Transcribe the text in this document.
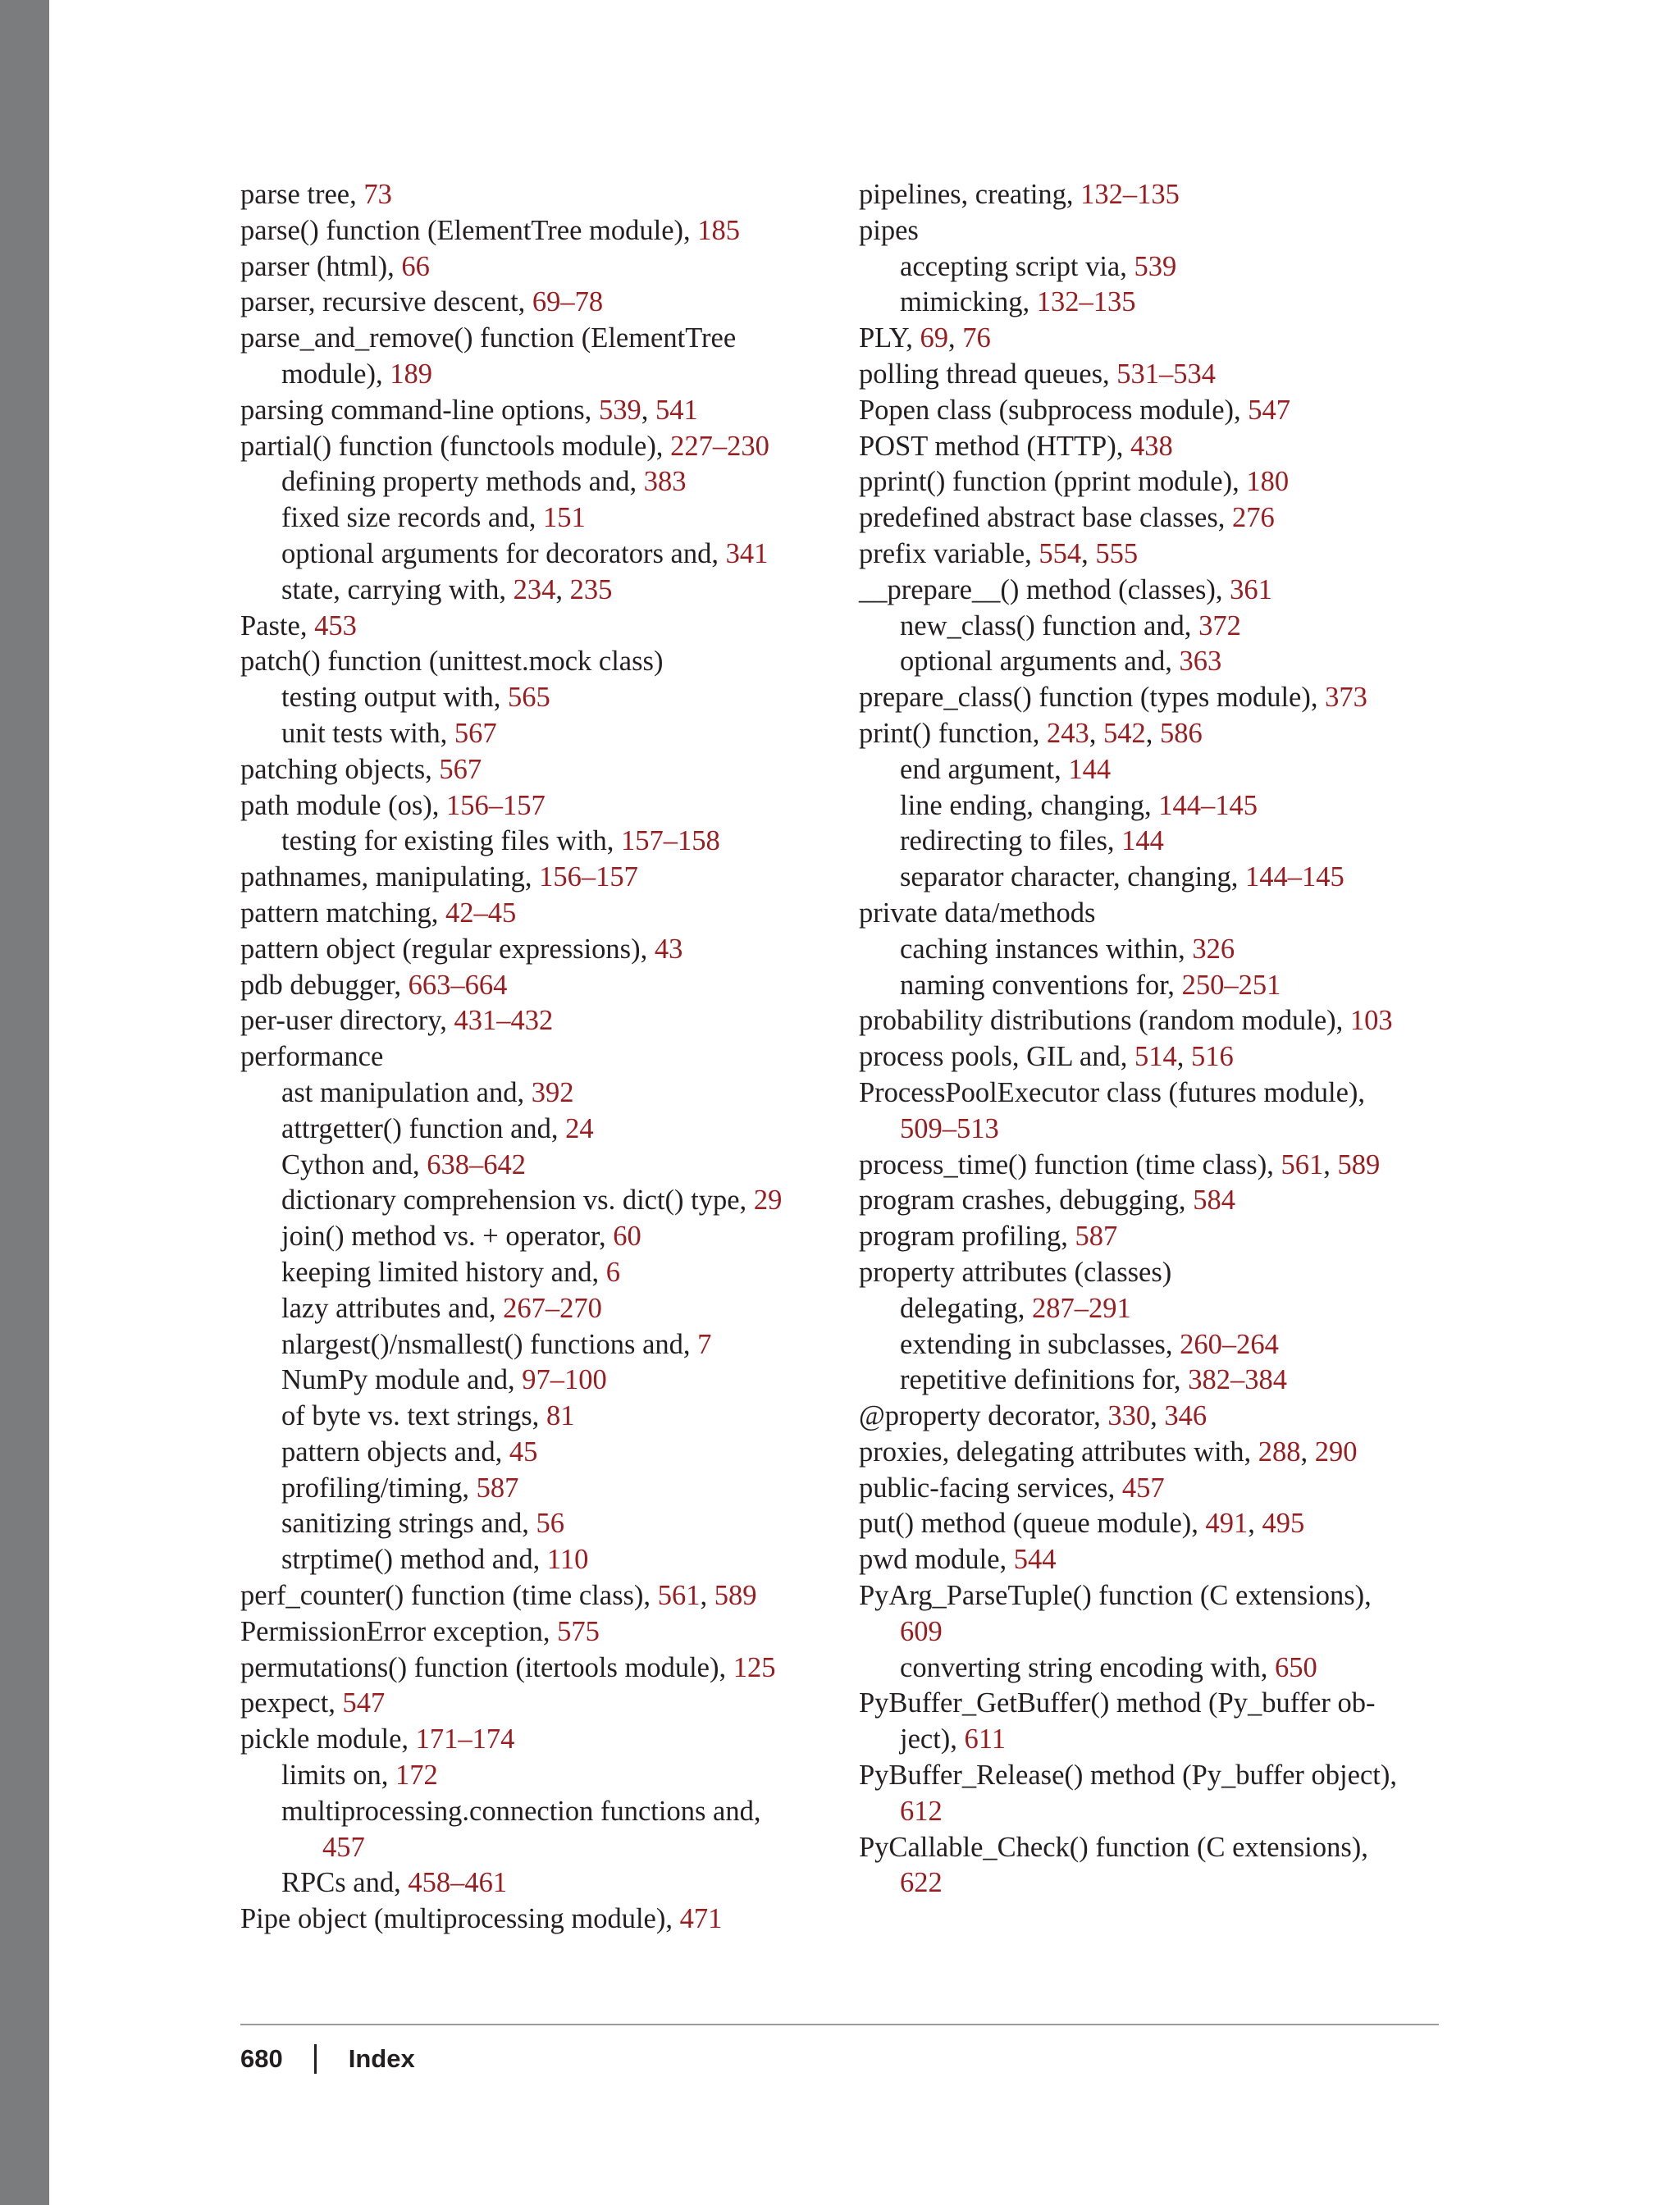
parse tree, 73
parse() function (ElementTree module), 185
parser (html), 66
parser, recursive descent, 69–78
parse_and_remove() function (ElementTree
module), 189
parsing command-line options, 539, 541
partial() function (functools module), 227–230
defining property methods and, 383
fixed size records and, 151
optional arguments for decorators and, 341
state, carrying with, 234, 235
Paste, 453
patch() function (unittest.mock class)
testing output with, 565
unit tests with, 567
patching objects, 567
path module (os), 156–157
testing for existing files with, 157–158
pathnames, manipulating, 156–157
pattern matching, 42–45
pattern object (regular expressions), 43
pdb debugger, 663–664
per-user directory, 431–432
performance
ast manipulation and, 392
attrgetter() function and, 24
Cython and, 638–642
dictionary comprehension vs. dict() type, 29
join() method vs. + operator, 60
keeping limited history and, 6
lazy attributes and, 267–270
nlargest()/nsmallest() functions and, 7
NumPy module and, 97–100
of byte vs. text strings, 81
pattern objects and, 45
profiling/timing, 587
sanitizing strings and, 56
strptime() method and, 110
perf_counter() function (time class), 561, 589
PermissionError exception, 575
permutations() function (itertools module), 125
pexpect, 547
pickle module, 171–174
limits on, 172
multiprocessing.connection functions and,
457
RPCs and, 458–461
Pipe object (multiprocessing module), 471
pipelines, creating, 132–135
pipes
accepting script via, 539
mimicking, 132–135
PLY, 69, 76
polling thread queues, 531–534
Popen class (subprocess module), 547
POST method (HTTP), 438
pprint() function (pprint module), 180
predefined abstract base classes, 276
prefix variable, 554, 555
__prepare__() method (classes), 361
new_class() function and, 372
optional arguments and, 363
prepare_class() function (types module), 373
print() function, 243, 542, 586
end argument, 144
line ending, changing, 144–145
redirecting to files, 144
separator character, changing, 144–145
private data/methods
caching instances within, 326
naming conventions for, 250–251
probability distributions (random module), 103
process pools, GIL and, 514, 516
ProcessPoolExecutor class (futures module),
509–513
process_time() function (time class), 561, 589
program crashes, debugging, 584
program profiling, 587
property attributes (classes)
delegating, 287–291
extending in subclasses, 260–264
repetitive definitions for, 382–384
@property decorator, 330, 346
proxies, delegating attributes with, 288, 290
public-facing services, 457
put() method (queue module), 491, 495
pwd module, 544
PyArg_ParseTuple() function (C extensions),
609
converting string encoding with, 650
PyBuffer_GetBuffer() method (Py_buffer ob-
ject), 611
PyBuffer_Release() method (Py_buffer object),
612
PyCallable_Check() function (C extensions),
622
680	Index
